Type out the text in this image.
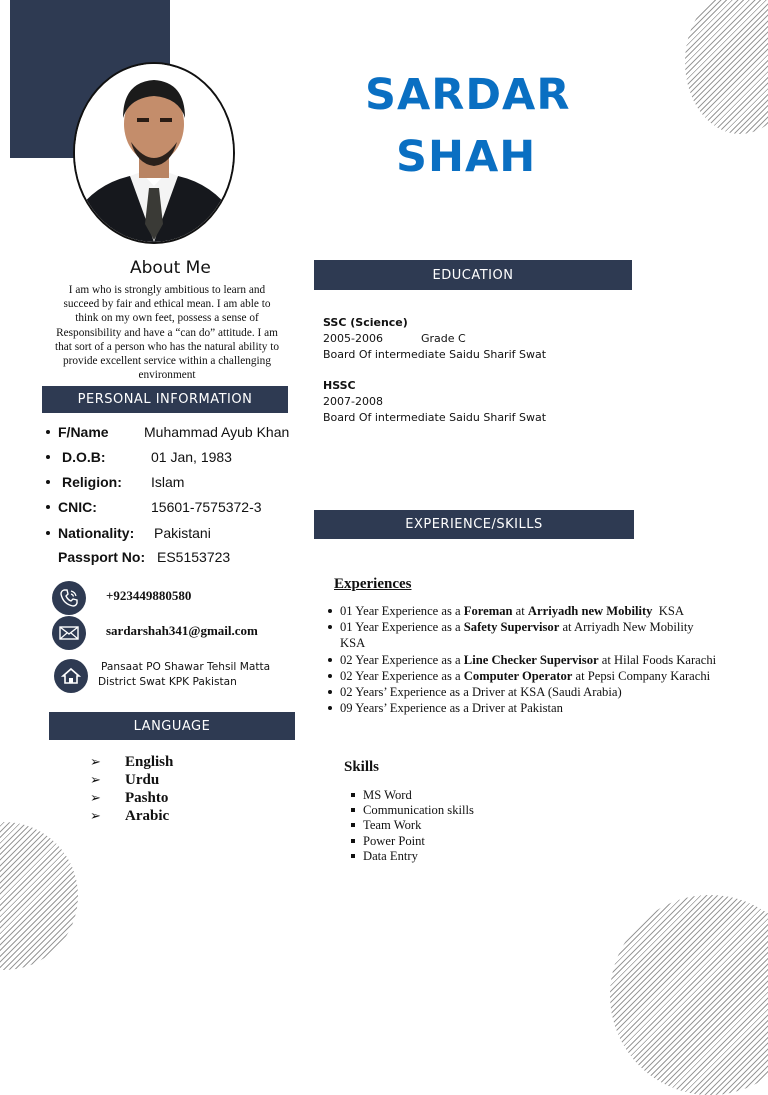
SARDAR
SHAH
About Me
I am who is strongly ambitious to learn and
succeed by fair and ethical mean. I am able to
think on my own feet, possess a sense of
Responsibility and have a “can do” attitude. I am
that sort of a person who has the natural ability to
provide excellent service within a challenging
environment
PERSONAL INFORMATION
F/Name	Muhammad Ayub Khan
D.O.B:	01 Jan, 1983
Religion: Islam
CNIC:	15601-7575372-3
Nationality: Pakistani
Passport No: ES5153723
+923449880580
sardarshah341@gmail.com
Pansaat PO Shawar Tehsil Matta
District Swat KPK Pakistan
LANGUAGE
➢ English
➢ Urdu
➢ Pashto
➢ Arabic
EDUCATION
SSC (Science)
2005-2006	Grade C
Board Of intermediate Saidu Sharif Swat
HSSC
2007-2008
Board Of intermediate Saidu Sharif Swat
EXPERIENCE/SKILLS
Experiences
01 Year Experience as a Foreman at Arriyadh new Mobility  KSA
01 Year Experience as a Safety Supervisor at Arriyadh New Mobility KSA
02 Year Experience as a Line Checker Supervisor at Hilal Foods Karachi
02 Year Experience as a Computer Operator at Pepsi Company Karachi
02 Years’ Experience as a Driver at KSA (Saudi Arabia)
09 Years’ Experience as a Driver at Pakistan
Skills
MS Word
Communication skills
Team Work
Power Point
Data Entry
